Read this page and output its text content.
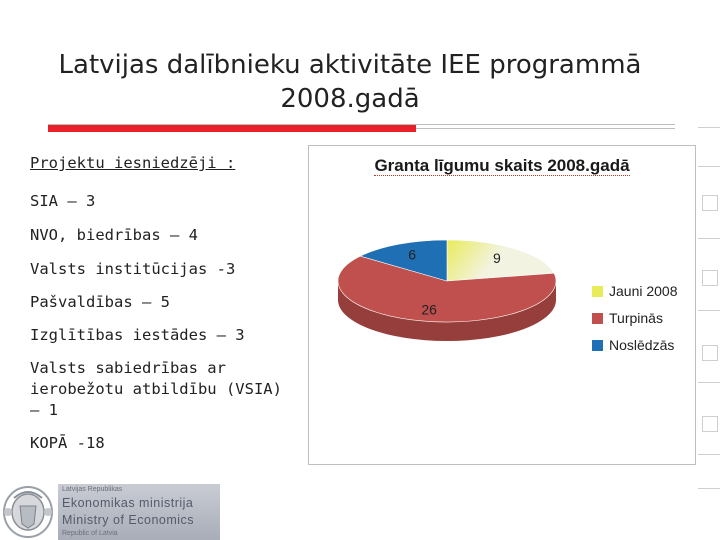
Latvijas dalībnieku aktivitāte IEE programmā
2008.gadā
Projektu iesniedzēji :
SIA – 3
NVO, biedrības – 4
Valsts institūcijas -3
Pašvaldības – 5
Izglītības iestādes – 3
Valsts sabiedrības ar
ierobežotu atbildību (VSIA)
– 1
KOPĀ -18
Granta līgumu skaits 2008.gadā
9
26
6
Jauni 2008
Turpinās
Noslēdzās
Latvijas Republikas
Ekonomikas ministrija
Ministry of Economics
Republic of Latvia
